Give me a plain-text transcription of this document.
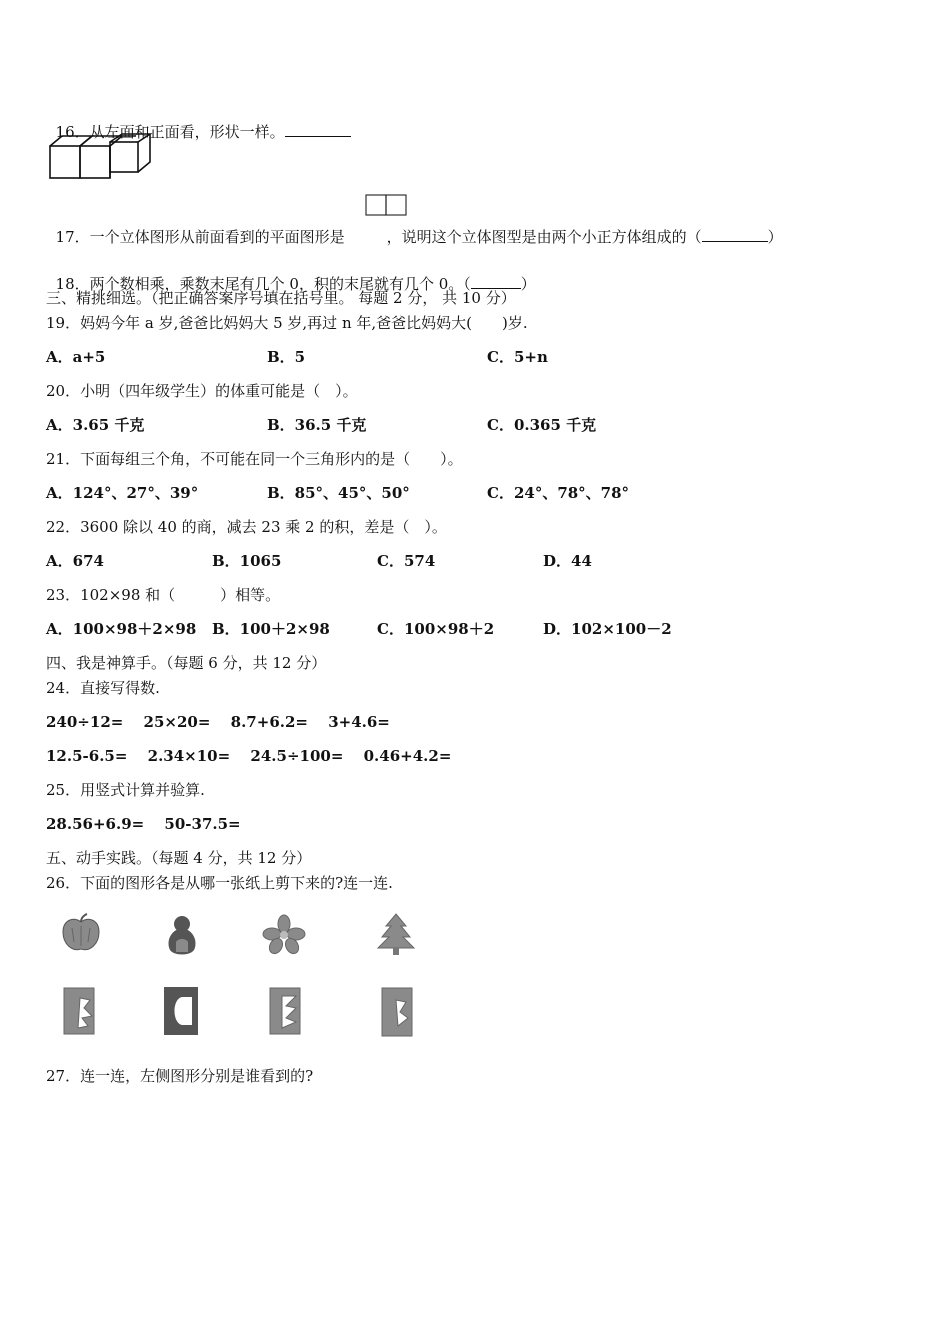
16．从左面和正面看，形状一样。

17．一个立体图形从前面看到的平面图形是	，说明这个立体图型是由两个小正方体组成的（	）

18．两个数相乘，乘数末尾有几个 0，积的末尾就有几个 0。（	）

三、精挑细选。（把正确答案序号填在括号里。 每题 2 分， 共 10 分）
19．妈妈今年 a 岁,爸爸比妈妈大 5 岁,再过 n 年,爸爸比妈妈大(　　)岁.
A．a+5	B．5	C．5+n
20．小明（四年级学生）的体重可能是（　）。
A．3.65 千克	B．36.5 千克	C．0.365 千克
21．下面每组三个角，不可能在同一个三角形内的是（　　）。
A．124°、27°、39°	B．85°、45°、50°	C．24°、78°、78°
22．3600 除以 40 的商，减去 23 乘 2 的积，差是（　）。
A．674	B．1065	C．574	D．44
23．102×98 和（　　　）相等。
A．100×98＋2×98 B．100＋2×98	C．100×98＋2	D．102×100－2
四、我是神算手。（每题 6 分，共 12 分）
24．直接写得数.
240÷12=　 25×20=　 8.7+6.2=　 3+4.6=
12.5-6.5=　 2.34×10=　 24.5÷100=　 0.46+4.2=
25．用竖式计算并验算.
28.56+6.9=　 50-37.5=
五、动手实践。（每题 4 分，共 12 分）
26．下面的图形各是从哪一张纸上剪下来的?连一连.
27．连一连，左侧图形分别是谁看到的?
